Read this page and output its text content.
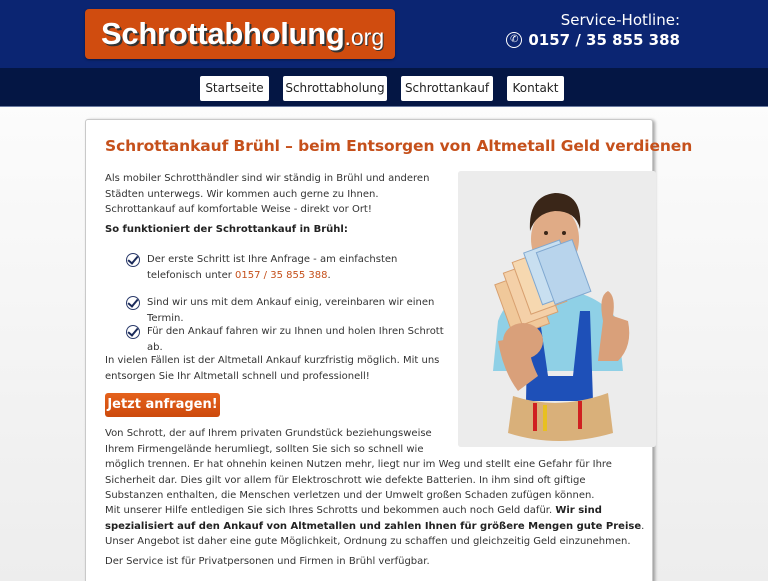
Schrottabholung .org
Service-Hotline:
✆ 0157 / 35 855 388
Startseite	Schrottabholung	Schrottankauf	Kontakt
Schrottankauf Brühl – beim Entsorgen von Altmetall Geld verdienen

Als mobiler Schrotthändler sind wir ständig in Brühl und anderen Städten unterwegs. Wir kommen auch gerne zu Ihnen. Schrottankauf auf komfortable Weise - direkt vor Ort!

So funktioniert der Schrottankauf in Brühl:

Der erste Schritt ist Ihre Anfrage - am einfachsten telefonisch unter 0157 / 35 855 388.
Sind wir uns mit dem Ankauf einig, vereinbaren wir einen Termin.
Für den Ankauf fahren wir zu Ihnen und holen Ihren Schrott ab.

In vielen Fällen ist der Altmetall Ankauf kurzfristig möglich. Mit uns entsorgen Sie Ihr Altmetall schnell und professionell!

Jetzt anfragen!

Von Schrott, der auf Ihrem privaten Grundstück beziehungsweise Ihrem Firmengelände herumliegt, sollten Sie sich so schnell wie möglich trennen. Er hat ohnehin keinen Nutzen mehr, liegt nur im Weg und stellt eine Gefahr für Ihre Sicherheit dar. Dies gilt vor allem für Elektroschrott wie defekte Batterien. In ihm sind oft giftige Substanzen enthalten, die Menschen verletzen und der Umwelt großen Schaden zufügen können.

Mit unserer Hilfe entledigen Sie sich Ihres Schrotts und bekommen auch noch Geld dafür. Wir sind spezialisiert auf den Ankauf von Altmetallen und zahlen Ihnen für größere Mengen gute Preise. Unser Angebot ist daher eine gute Möglichkeit, Ordnung zu schaffen und gleichzeitig Geld einzunehmen.

Der Service ist für Privatpersonen und Firmen in Brühl verfügbar.
